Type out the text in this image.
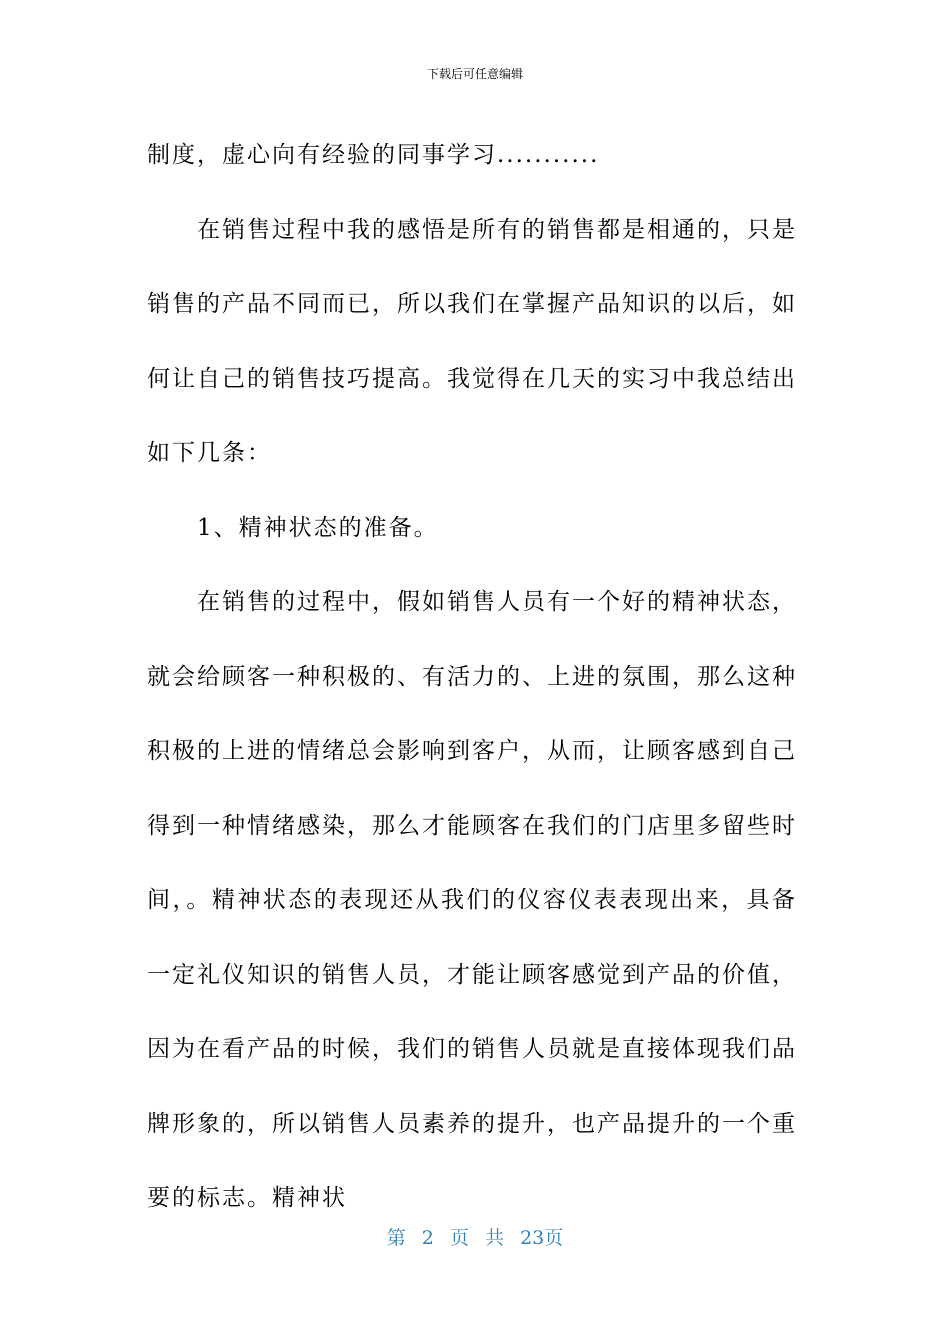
下载后可任意编辑

制度，虚心向有经验的同事学习...........

在销售过程中我的感悟是所有的销售都是相通的，只是销售的产品不同而已，所以我们在掌握产品知识的以后，如何让自己的销售技巧提高。我觉得在几天的实习中我总结出如下几条：

1、精神状态的准备。

在销售的过程中，假如销售人员有一个好的精神状态，就会给顾客一种积极的、有活力的、上进的氛围，那么这种积极的上进的情绪总会影响到客户，从而，让顾客感到自己得到一种情绪感染，那么才能顾客在我们的门店里多留些时间，。精神状态的表现还从我们的仪容仪表表现出来，具备一定礼仪知识的销售人员，才能让顾客感觉到产品的价值，因为在看产品的时候，我们的销售人员就是直接体现我们品牌形象的，所以销售人员素养的提升，也产品提升的一个重要的标志。精神状

第 2 页 共 23页
